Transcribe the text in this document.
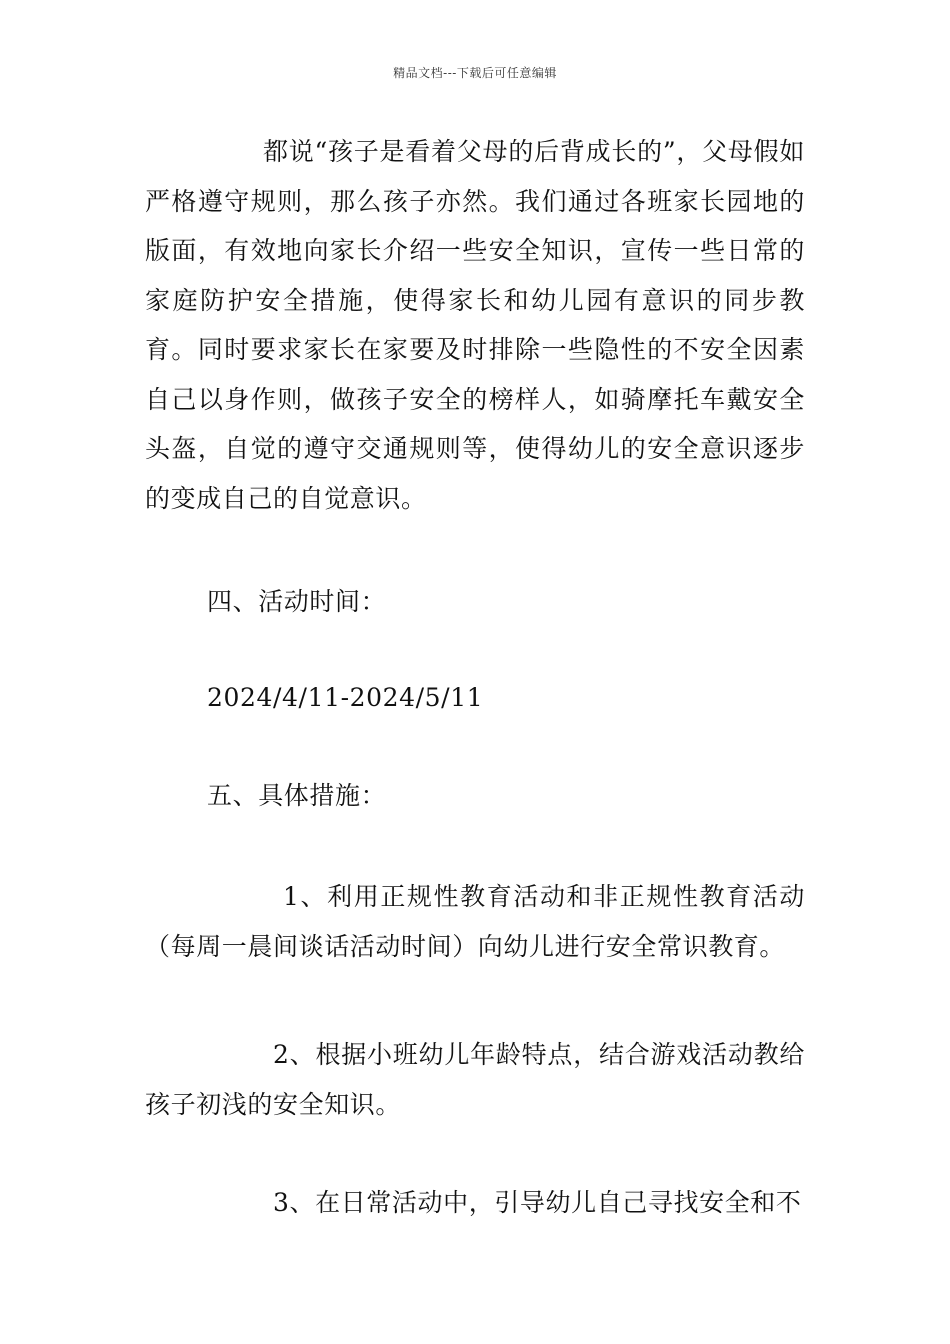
精品文档---下载后可任意编辑
都说“孩子是看着父母的后背成长的”，父母假如严格遵守规则，那么孩子亦然。我们通过各班家长园地的版面，有效地向家长介绍一些安全知识，宣传一些日常的家庭防护安全措施，使得家长和幼儿园有意识的同步教育。同时要求家长在家要及时排除一些隐性的不安全因素自己以身作则，做孩子安全的榜样人，如骑摩托车戴安全头盔，自觉的遵守交通规则等，使得幼儿的安全意识逐步的变成自己的自觉意识。
四、活动时间：
2024/4/11-2024/5/11
五、具体措施：
1、利用正规性教育活动和非正规性教育活动（每周一晨间谈话活动时间）向幼儿进行安全常识教育。
2、根据小班幼儿年龄特点，结合游戏活动教给孩子初浅的安全知识。
3、在日常活动中，引导幼儿自己寻找安全和不
